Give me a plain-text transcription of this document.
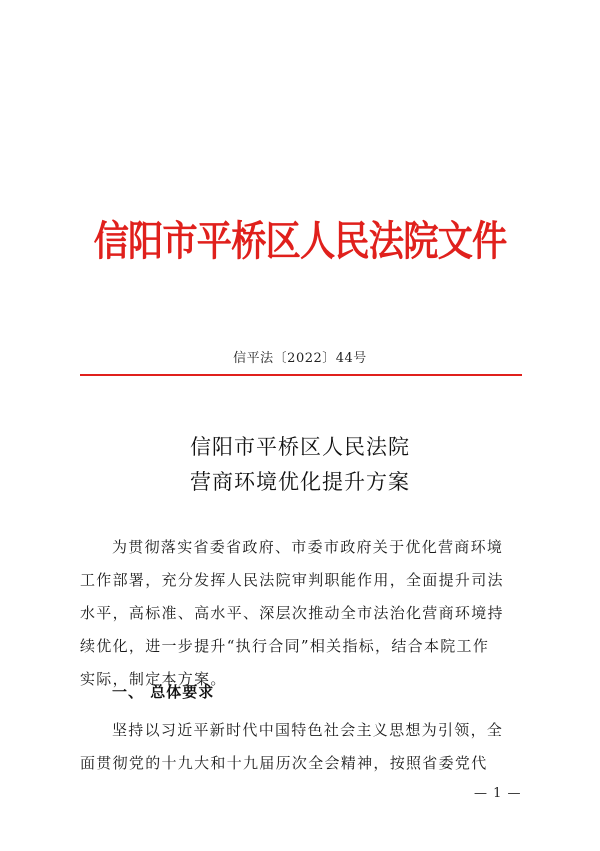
信阳市平桥区人民法院文件
信平法〔2022〕44号
信阳市平桥区人民法院
营商环境优化提升方案
为贯彻落实省委省政府、市委市政府关于优化营商环境
工作部署，充分发挥人民法院审判职能作用，全面提升司法
水平，高标准、高水平、深层次推动全市法治化营商环境持
续优化，进一步提升“执行合同”相关指标，结合本院工作
实际，制定本方案。
一、 总体要求
坚持以习近平新时代中国特色社会主义思想为引领，全
面贯彻党的十九大和十九届历次全会精神，按照省委党代
— 1 —
